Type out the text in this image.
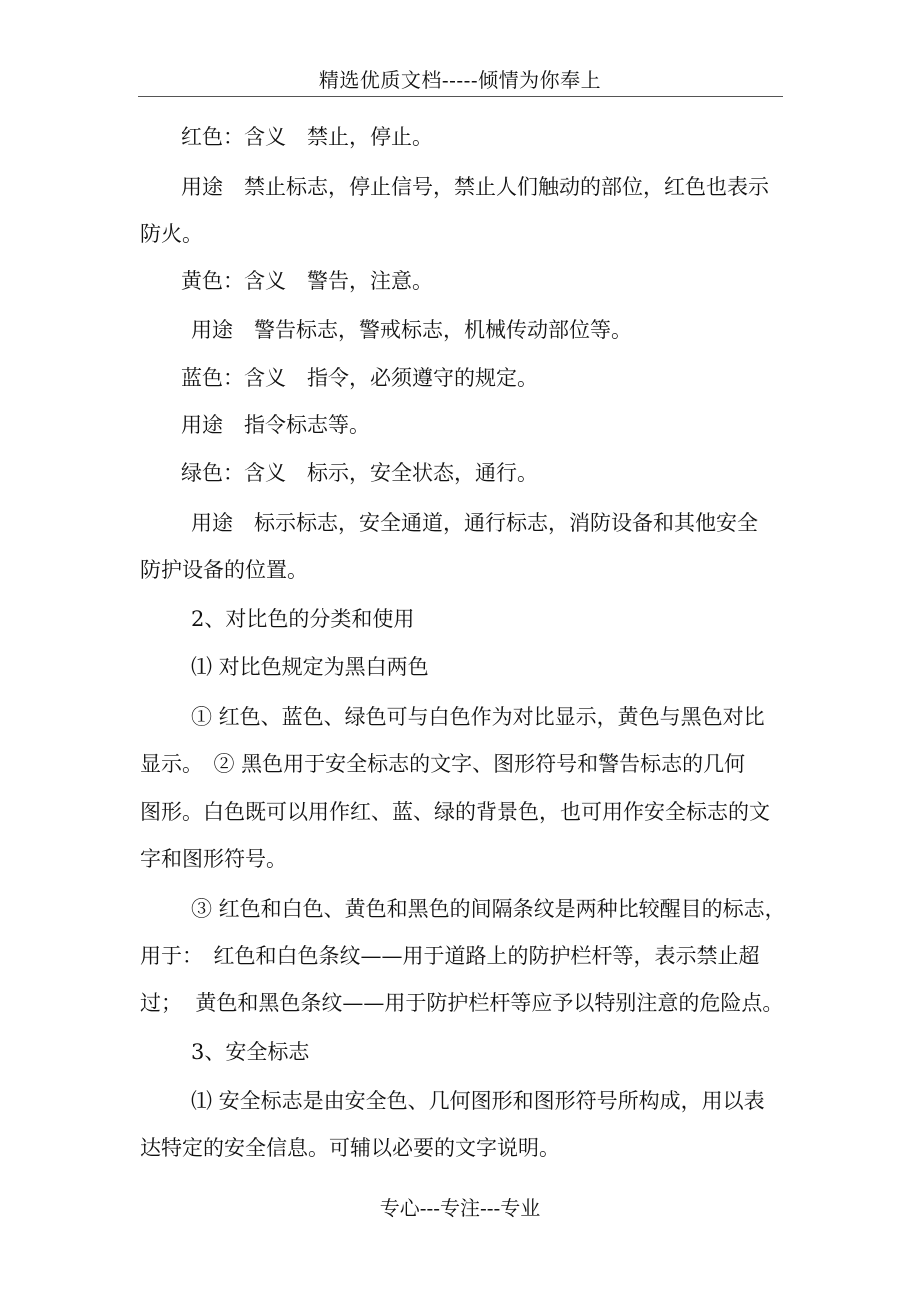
精选优质文档-----倾情为你奉上

红色：含义　禁止，停止。

用途　禁止标志，停止信号，禁止人们触动的部位，红色也表示

防火。

黄色：含义　警告，注意。

用途　警告标志，警戒标志，机械传动部位等。

蓝色：含义　指令，必须遵守的规定。

用途　指令标志等。

绿色：含义　标示，安全状态，通行。

用途　标示标志，安全通道，通行标志，消防设备和其他安全

防护设备的位置。

2、对比色的分类和使用

⑴ 对比色规定为黑白两色

① 红色、蓝色、绿色可与白色作为对比显示，黄色与黑色对比

显示。　② 黑色用于安全标志的文字、图形符号和警告标志的几何

图形。白色既可以用作红、蓝、绿的背景色，也可用作安全标志的文

字和图形符号。

③ 红色和白色、黄色和黑色的间隔条纹是两种比较醒目的标志，

用于：　红色和白色条纹——用于道路上的防护栏杆等，表示禁止超

过；  黄色和黑色条纹——用于防护栏杆等应予以特别注意的危险点。

3、安全标志

⑴ 安全标志是由安全色、几何图形和图形符号所构成，用以表

达特定的安全信息。可辅以必要的文字说明。

专心---专注---专业
